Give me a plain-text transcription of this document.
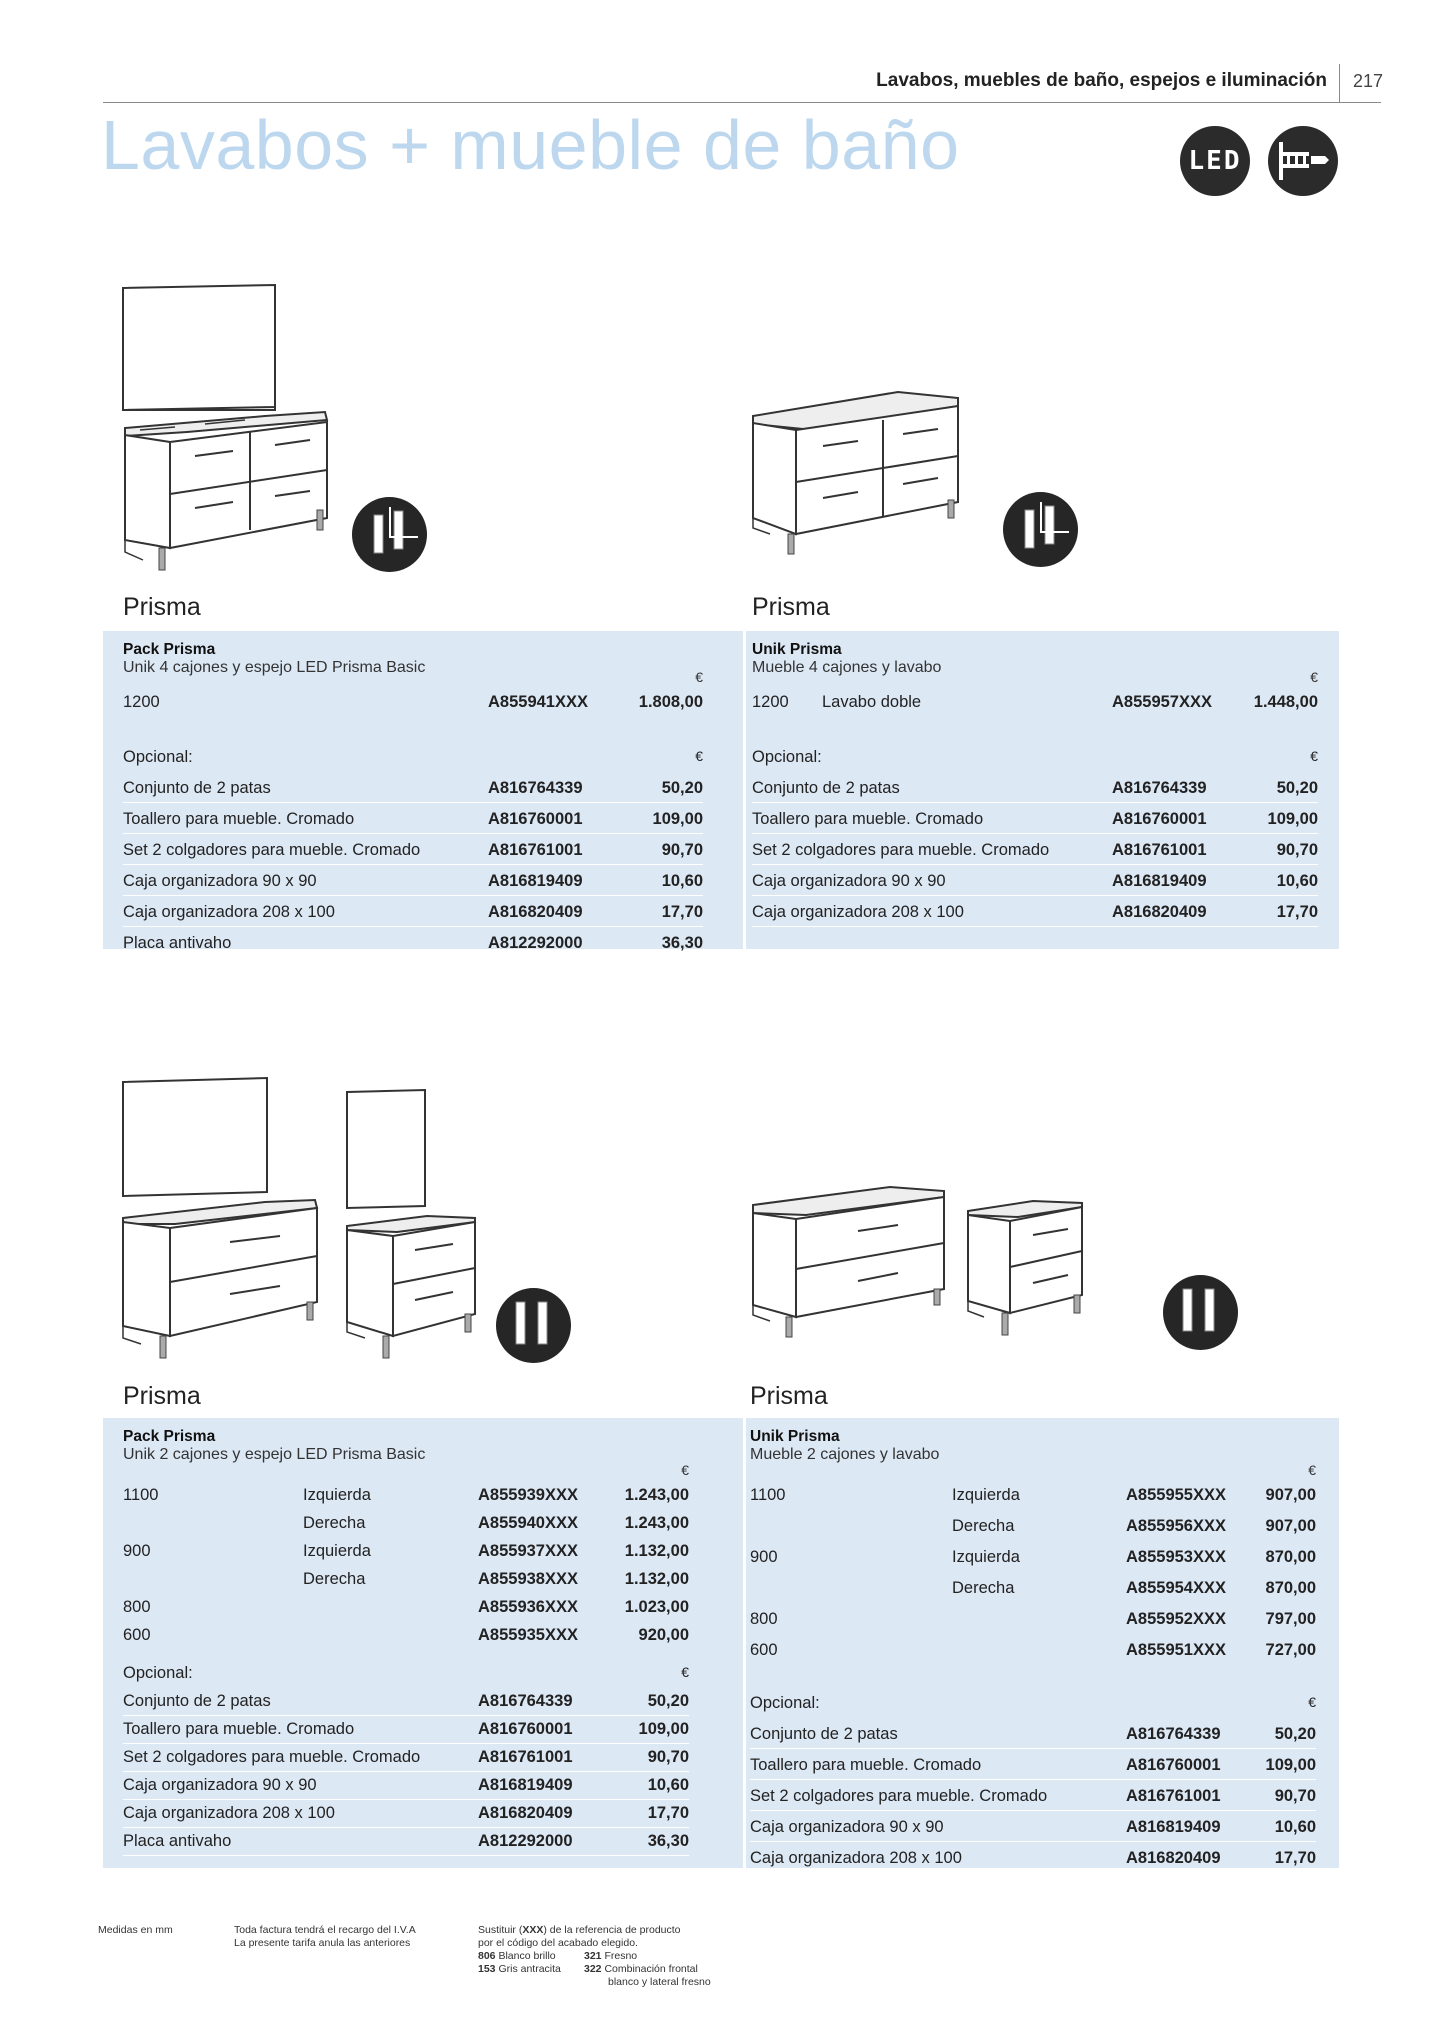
Lavabos, muebles de baño, espejos e iluminación 217
Lavabos + mueble de baño	LED
Prisma
Pack Prisma
Unik 4 cajones y espejo LED Prisma Basic
€
1200	A855941XXX	1.808,00
Opcional:	€
Conjunto de 2 patas	A816764339	50,20
Toallero para mueble. Cromado	A816760001	109,00
Set 2 colgadores para mueble. Cromado	A816761001	90,70
Caja organizadora 90 x 90	A816819409	10,60
Caja organizadora 208 x 100	A816820409	17,70
Placa antivaho	A812292000	36,30
Prisma
Unik Prisma
Mueble 4 cajones y lavabo
€
1200 Lavabo doble	A855957XXX	1.448,00
Opcional:	€
Conjunto de 2 patas	A816764339	50,20
Toallero para mueble. Cromado	A816760001	109,00
Set 2 colgadores para mueble. Cromado	A816761001	90,70
Caja organizadora 90 x 90	A816819409	10,60
Caja organizadora 208 x 100	A816820409	17,70
Prisma
Pack Prisma
Unik 2 cajones y espejo LED Prisma Basic
€
1100	Izquierda	A855939XXX	1.243,00
Derecha	A855940XXX	1.243,00
900	Izquierda	A855937XXX	1.132,00
Derecha	A855938XXX	1.132,00
800	A855936XXX	1.023,00
600	A855935XXX	920,00
Opcional:	€
Conjunto de 2 patas	A816764339	50,20
Toallero para mueble. Cromado	A816760001	109,00
Set 2 colgadores para mueble. Cromado	A816761001	90,70
Caja organizadora 90 x 90	A816819409	10,60
Caja organizadora 208 x 100	A816820409	17,70
Placa antivaho	A812292000	36,30
Prisma
Unik Prisma
Mueble 2 cajones y lavabo
€
1100	Izquierda	A855955XXX 907,00
Derecha	A855956XXX 907,00
900	Izquierda	A855953XXX 870,00
Derecha	A855954XXX 870,00
800	A855952XXX 797,00
600	A855951XXX 727,00
Opcional:	€
Conjunto de 2 patas	A816764339	50,20
Toallero para mueble. Cromado	A816760001	109,00
Set 2 colgadores para mueble. Cromado	A816761001	90,70
Caja organizadora 90 x 90	A816819409	10,60
Caja organizadora 208 x 100	A816820409	17,70
Medidas en mm	Toda factura tendrá el recargo del I.V.A
La presente tarifa anula las anteriores
Sustituir (XXX) de la referencia de producto
por el código del acabado elegido.
806 Blanco brillo	321 Fresno
153 Gris antracita 322 Combinación frontal
blanco y lateral fresno
